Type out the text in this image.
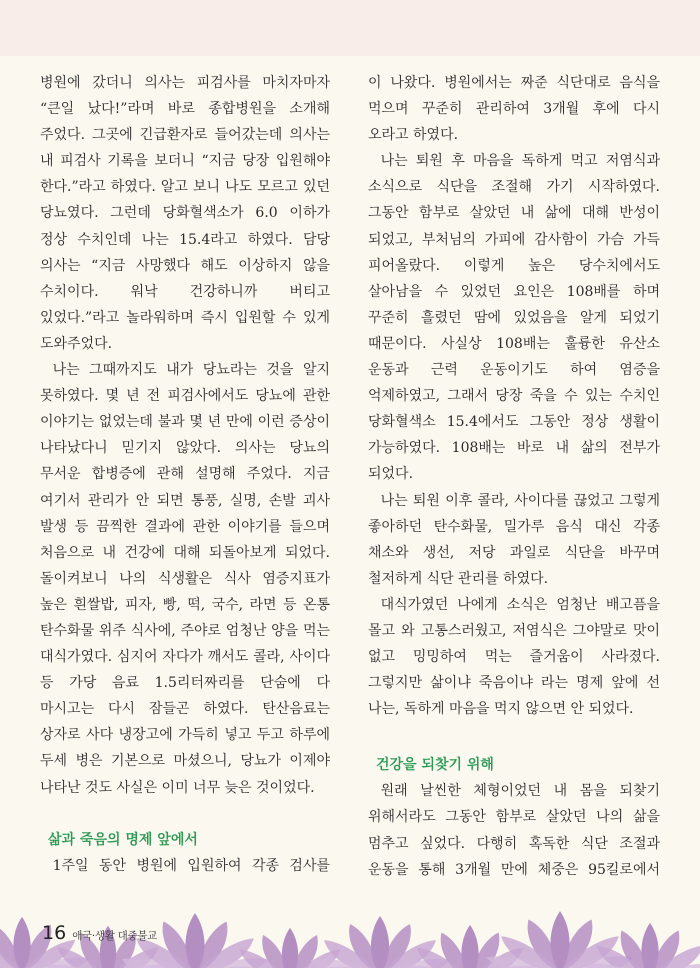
병원에 갔더니 의사는 피검사를 마치자마자 “큰일 났다!”라며 바로 종합병원을 소개해 주었다. 그곳에 긴급환자로 들어갔는데 의사는 내 피검사 기록을 보더니 “지금 당장 입원해야 한다.”라고 하였다. 알고 보니 나도 모르고 있던 당뇨였다. 그런데 당화혈색소가 6.0 이하가 정상 수치인데 나는 15.4라고 하였다. 담당 의사는 “지금 사망했다 해도 이상하지 않을 수치이다. 워낙 건강하니까 버티고 있었다.”라고 놀라워하며 즉시 입원할 수 있게 도와주었다.

나는 그때까지도 내가 당뇨라는 것을 알지 못하였다. 몇 년 전 피검사에서도 당뇨에 관한 이야기는 없었는데 불과 몇 년 만에 이런 증상이 나타났다니 믿기지 않았다. 의사는 당뇨의 무서운 합병증에 관해 설명해 주었다. 지금 여기서 관리가 안 되면 통풍, 실명, 손발 괴사 발생 등 끔찍한 결과에 관한 이야기를 들으며 처음으로 내 건강에 대해 되돌아보게 되었다. 돌이켜보니 나의 식생활은 식사 염증지표가 높은 흰쌀밥, 피자, 빵, 떡, 국수, 라면 등 온통 탄수화물 위주 식사에, 주야로 엄청난 양을 먹는 대식가였다. 심지어 자다가 깨서도 콜라, 사이다 등 가당 음료 1.5리터짜리를 단숨에 다 마시고는 다시 잠들곤 하였다. 탄산음료는 상자로 사다 냉장고에 가득히 넣고 두고 하루에 두세 병은 기본으로 마셨으니, 당뇨가 이제야 나타난 것도 사실은 이미 너무 늦은 것이었다.

삶과 죽음의 명제 앞에서

1주일 동안 병원에 입원하여 각종 검사를

이 나왔다. 병원에서는 짜준 식단대로 음식을 먹으며 꾸준히 관리하여 3개월 후에 다시 오라고 하였다.

나는 퇴원 후 마음을 독하게 먹고 저염식과 소식으로 식단을 조절해 가기 시작하였다. 그동안 함부로 살았던 내 삶에 대해 반성이 되었고, 부처님의 가피에 감사함이 가슴 가득 피어올랐다. 이렇게 높은 당수치에서도 살아남을 수 있었던 요인은 108배를 하며 꾸준히 흘렸던 땀에 있었음을 알게 되었기 때문이다. 사실상 108배는 훌륭한 유산소 운동과 근력 운동이기도 하여 염증을 억제하였고, 그래서 당장 죽을 수 있는 수치인 당화혈색소 15.4에서도 그동안 정상 생활이 가능하였다. 108배는 바로 내 삶의 전부가 되었다.

나는 퇴원 이후 콜라, 사이다를 끊었고 그렇게 좋아하던 탄수화물, 밀가루 음식 대신 각종 채소와 생선, 저당 과일로 식단을 바꾸며 철저하게 식단 관리를 하였다.

대식가였던 나에게 소식은 엄청난 배고픔을 몰고 와 고통스러웠고, 저염식은 그야말로 맛이 없고 밍밍하여 먹는 즐거움이 사라졌다. 그렇지만 삶이냐 죽음이냐 라는 명제 앞에 선 나는, 독하게 마음을 먹지 않으면 안 되었다.

건강을 되찾기 위해

원래 날씬한 체형이었던 내 몸을 되찾기 위해서라도 그동안 함부로 살았던 나의 삶을 멈추고 싶었다. 다행히 혹독한 식단 조절과 운동을 통해 3개월 만에 체중은 95킬로에서

16 애국·생활 대중불교
